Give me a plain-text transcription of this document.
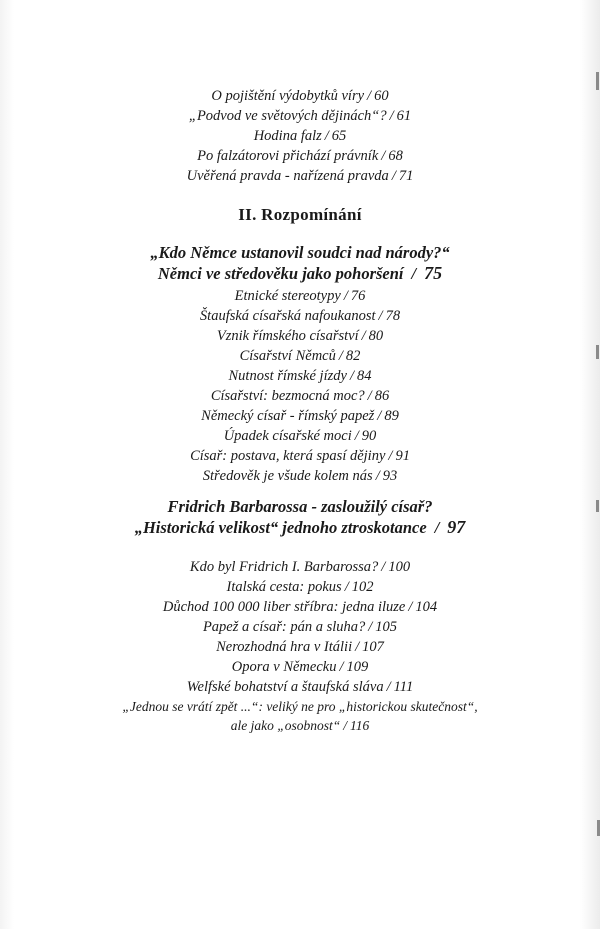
O pojištění výdobytků víry / 60
„Podvod ve světových dějinách“? / 61
Hodina falz / 65
Po falzátorovi přichází právník / 68
Uvěřená pravda - nařízená pravda / 71
II. Rozpomínání
„Kdo Němce ustanovil soudci nad národy?“
Němci ve středověku jako pohoršení / 75
Etnické stereotypy / 76
Štaufská císařská nafoukanost / 78
Vznik římského císařství / 80
Císařství Němců / 82
Nutnost římské jízdy / 84
Císařství: bezmocná moc? / 86
Německý císař - římský papež / 89
Úpadek císařské moci / 90
Císař: postava, která spasí dějiny / 91
Středověk je všude kolem nás / 93
Fridrich Barbarossa - zasloužilý císař?
„Historická velikost“ jednoho ztroskotance / 97
Kdo byl Fridrich I. Barbarossa? / 100
Italská cesta: pokus / 102
Důchod 100 000 liber stříbra: jedna iluze / 104
Papež a císař: pán a sluha? / 105
Nerozhodná hra v Itálii / 107
Opora v Německu / 109
Welfské bohatství a štaufská sláva / 111
„Jednou se vrátí zpět ...“: veliký ne pro „historickou skutečnost“,
ale jako „osobnost“ / 116
